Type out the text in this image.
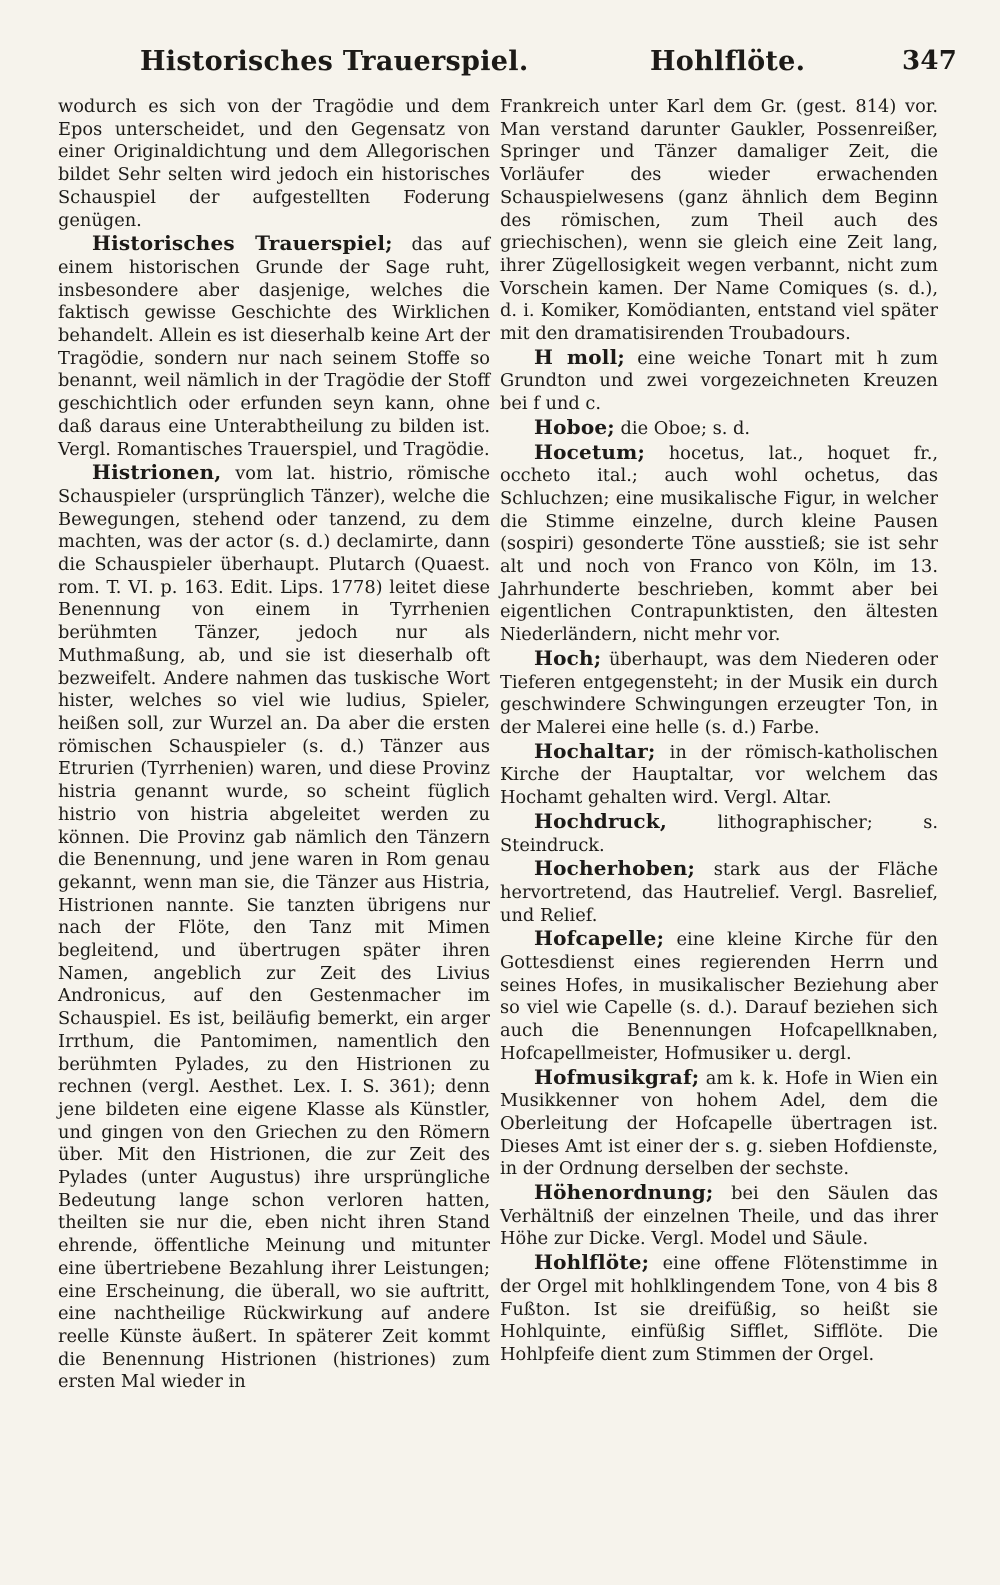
Historisches Trauerspiel.	Hohlflöte.	347

wodurch es sich von der Tragödie und dem Epos unterscheidet, und den Gegensatz von einer Originaldichtung und dem Allegorischen bildet Sehr selten wird jedoch ein historisches Schauspiel der aufgestellten Foderung genügen.

Historisches Trauerspiel; das auf einem historischen Grunde der Sage ruht, insbesondere aber dasjenige, welches die faktisch gewisse Geschichte des Wirklichen behandelt. Allein es ist dieserhalb keine Art der Tragödie, sondern nur nach seinem Stoffe so benannt, weil nämlich in der Tragödie der Stoff geschichtlich oder erfunden seyn kann, ohne daß daraus eine Unterabtheilung zu bilden ist. Vergl. Romantisches Trauerspiel, und Tragödie.

Histrionen, vom lat. histrio, römische Schauspieler (ursprünglich Tänzer), welche die Bewegungen, stehend oder tanzend, zu dem machten, was der actor (s. d.) declamirte, dann die Schauspieler überhaupt. Plutarch (Quaest. rom. T. VI. p. 163. Edit. Lips. 1778) leitet diese Benennung von einem in Tyrrhenien berühmten Tänzer, jedoch nur als Muthmaßung, ab, und sie ist dieserhalb oft bezweifelt. Andere nahmen das tuskische Wort hister, welches so viel wie ludius, Spieler, heißen soll, zur Wurzel an. Da aber die ersten römischen Schauspieler (s. d.) Tänzer aus Etrurien (Tyrrhenien) waren, und diese Provinz histria genannt wurde, so scheint füglich histrio von histria abgeleitet werden zu können. Die Provinz gab nämlich den Tänzern die Benennung, und jene waren in Rom genau gekannt, wenn man sie, die Tänzer aus Histria, Histrionen nannte. Sie tanzten übrigens nur nach der Flöte, den Tanz mit Mimen begleitend, und übertrugen später ihren Namen, angeblich zur Zeit des Livius Andronicus, auf den Gestenmacher im Schauspiel. Es ist, beiläufig bemerkt, ein arger Irrthum, die Pantomimen, namentlich den berühmten Pylades, zu den Histrionen zu rechnen (vergl. Aesthet. Lex. I. S. 361); denn jene bildeten eine eigene Klasse als Künstler, und gingen von den Griechen zu den Römern über. Mit den Histrionen, die zur Zeit des Pylades (unter Augustus) ihre ursprüngliche Bedeutung lange schon verloren hatten, theilten sie nur die, eben nicht ihren Stand ehrende, öffentliche Meinung und mitunter eine übertriebene Bezahlung ihrer Leistungen; eine Erscheinung, die überall, wo sie auftritt, eine nachtheilige Rückwirkung auf andere reelle Künste äußert. In späterer Zeit kommt die Benennung Histrionen (histriones) zum ersten Mal wieder in

Frankreich unter Karl dem Gr. (gest. 814) vor. Man verstand darunter Gaukler, Possenreißer, Springer und Tänzer damaliger Zeit, die Vorläufer des wieder erwachenden Schauspielwesens (ganz ähnlich dem Beginn des römischen, zum Theil auch des griechischen), wenn sie gleich eine Zeit lang, ihrer Zügellosigkeit wegen verbannt, nicht zum Vorschein kamen. Der Name Comiques (s. d.), d. i. Komiker, Komödianten, entstand viel später mit den dramatisirenden Troubadours.

H moll; eine weiche Tonart mit h zum Grundton und zwei vorgezeichneten Kreuzen bei f und c.

Hoboe; die Oboe; s. d.

Hocetum; hocetus, lat., hoquet fr., occheto ital.; auch wohl ochetus, das Schluchzen; eine musikalische Figur, in welcher die Stimme einzelne, durch kleine Pausen (sospiri) gesonderte Töne ausstieß; sie ist sehr alt und noch von Franco von Köln, im 13. Jahrhunderte beschrieben, kommt aber bei eigentlichen Contrapunktisten, den ältesten Niederländern, nicht mehr vor.

Hoch; überhaupt, was dem Niederen oder Tieferen entgegensteht; in der Musik ein durch geschwindere Schwingungen erzeugter Ton, in der Malerei eine helle (s. d.) Farbe.

Hochaltar; in der römisch-katholischen Kirche der Hauptaltar, vor welchem das Hochamt gehalten wird. Vergl. Altar.

Hochdruck, lithographischer; s. Steindruck.

Hocherhoben; stark aus der Fläche hervortretend, das Hautrelief. Vergl. Basrelief, und Relief.

Hofcapelle; eine kleine Kirche für den Gottesdienst eines regierenden Herrn und seines Hofes, in musikalischer Beziehung aber so viel wie Capelle (s. d.). Darauf beziehen sich auch die Benennungen Hofcapellknaben, Hofcapellmeister, Hofmusiker u. dergl.

Hofmusikgraf; am k. k. Hofe in Wien ein Musikkenner von hohem Adel, dem die Oberleitung der Hofcapelle übertragen ist. Dieses Amt ist einer der s. g. sieben Hofdienste, in der Ordnung derselben der sechste.

Höhenordnung; bei den Säulen das Verhältniß der einzelnen Theile, und das ihrer Höhe zur Dicke. Vergl. Model und Säule.

Hohlflöte; eine offene Flötenstimme in der Orgel mit hohlklingendem Tone, von 4 bis 8 Fußton. Ist sie dreifüßig, so heißt sie Hohlquinte, einfüßig Sifflet, Sifflöte. Die Hohlpfeife dient zum Stimmen der Orgel.
